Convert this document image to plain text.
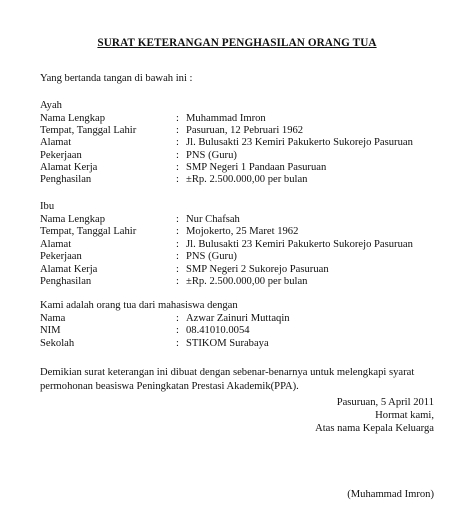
SURAT KETERANGAN PENGHASILAN ORANG TUA
Yang bertanda tangan di bawah ini :
Ayah
Nama Lengkap	: Muhammad Imron
Tempat, Tanggal Lahir	: Pasuruan, 12 Pebruari 1962
Alamat	: Jl. Bulusakti 23 Kemiri Pakukerto Sukorejo Pasuruan
Pekerjaan	: PNS (Guru)
Alamat Kerja	: SMP Negeri 1 Pandaan Pasuruan
Penghasilan	: ±Rp. 2.500.000,00 per bulan
Ibu
Nama Lengkap	: Nur Chafsah
Tempat, Tanggal Lahir	: Mojokerto, 25 Maret 1962
Alamat	: Jl. Bulusakti 23 Kemiri Pakukerto Sukorejo Pasuruan
Pekerjaan	: PNS (Guru)
Alamat Kerja	: SMP Negeri 2 Sukorejo Pasuruan
Penghasilan	: ±Rp. 2.500.000,00 per bulan
Kami adalah orang tua dari mahasiswa dengan
Nama	: Azwar Zainuri Muttaqin
NIM	: 08.41010.0054
Sekolah	: STIKOM Surabaya
Demikian surat keterangan ini dibuat dengan sebenar-benarnya untuk melengkapi syarat
permohonan beasiswa Peningkatan Prestasi Akademik(PPA).
Pasuruan, 5 April 2011
Hormat kami,
Atas nama Kepala Keluarga
(Muhammad Imron)
